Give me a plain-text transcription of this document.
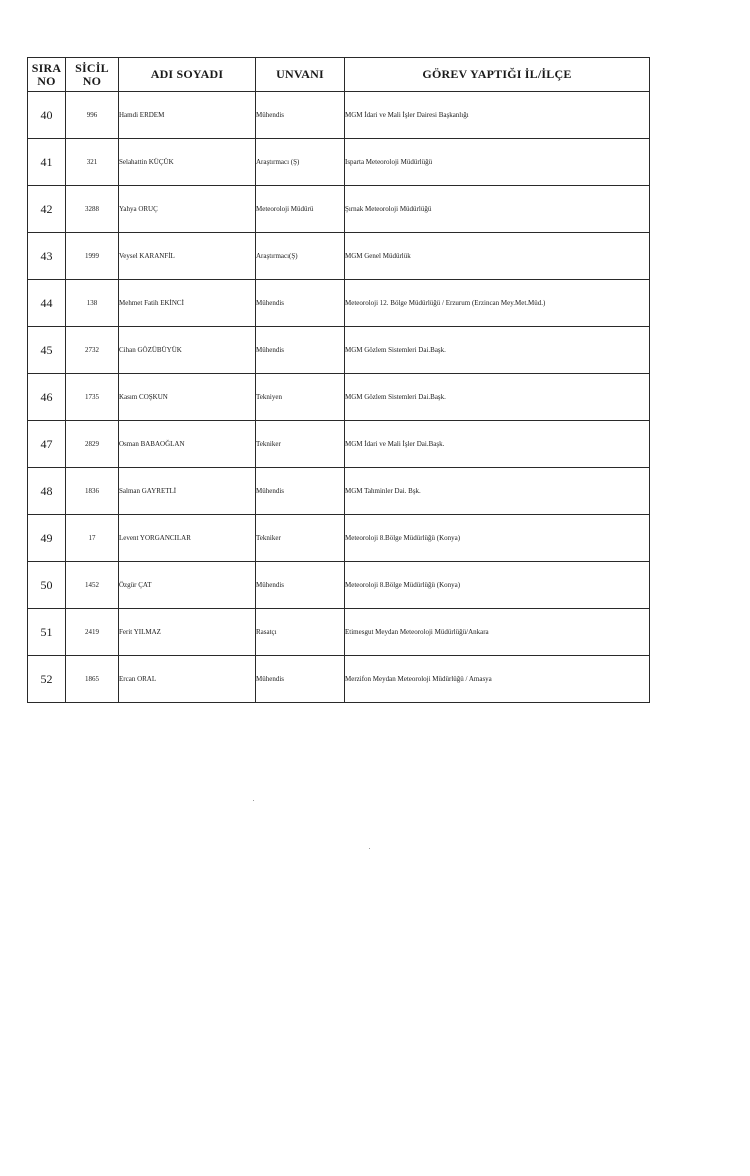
SIRA
NO	SİCİL
NO	ADI SOYADI	UNVANI	GÖREV YAPTIĞI İL/İLÇE
40	996	Hamdi ERDEM	Mühendis	MGM İdari ve Mali İşler Dairesi Başkanlığı
41	321	Selahattin KÜÇÜK	Araştırmacı (Ş)	Isparta Meteoroloji Müdürlüğü
42	3288	Yahya ORUÇ	Meteoroloji Müdürü	Şırnak Meteoroloji Müdürlüğü
43	1999	Veysel KARANFİL	Araştırmacı(Ş)	MGM Genel Müdürlük
44	138	Mehmet Fatih EKİNCİ	Mühendis	Meteoroloji 12. Bölge Müdürlüğü / Erzurum (Erzincan Mey.Met.Müd.)
45	2732	Cihan GÖZÜBÜYÜK	Mühendis	MGM Gözlem Sistemleri Dai.Başk.
46	1735	Kasım COŞKUN	Tekniyen	MGM Gözlem Sistemleri Dai.Başk.
47	2829	Osman BABAOĞLAN	Tekniker	MGM İdari ve Mali İşler Dai.Başk.
48	1836	Salman GAYRETLİ	Mühendis	MGM Tahminler Dai. Bşk.
49	17	Levent YORGANCILAR	Tekniker	Meteoroloji 8.Bölge Müdürlüğü (Konya)
50	1452	Özgür ÇAT	Mühendis	Meteoroloji 8.Bölge Müdürlüğü (Konya)
51	2419	Ferit YILMAZ	Rasatçı	Etimesgut Meydan Meteoroloji Müdürlüğü/Ankara
52	1865	Ercan ORAL	Mühendis	Merzifon Meydan Meteoroloji Müdürlüğü / Amasya
